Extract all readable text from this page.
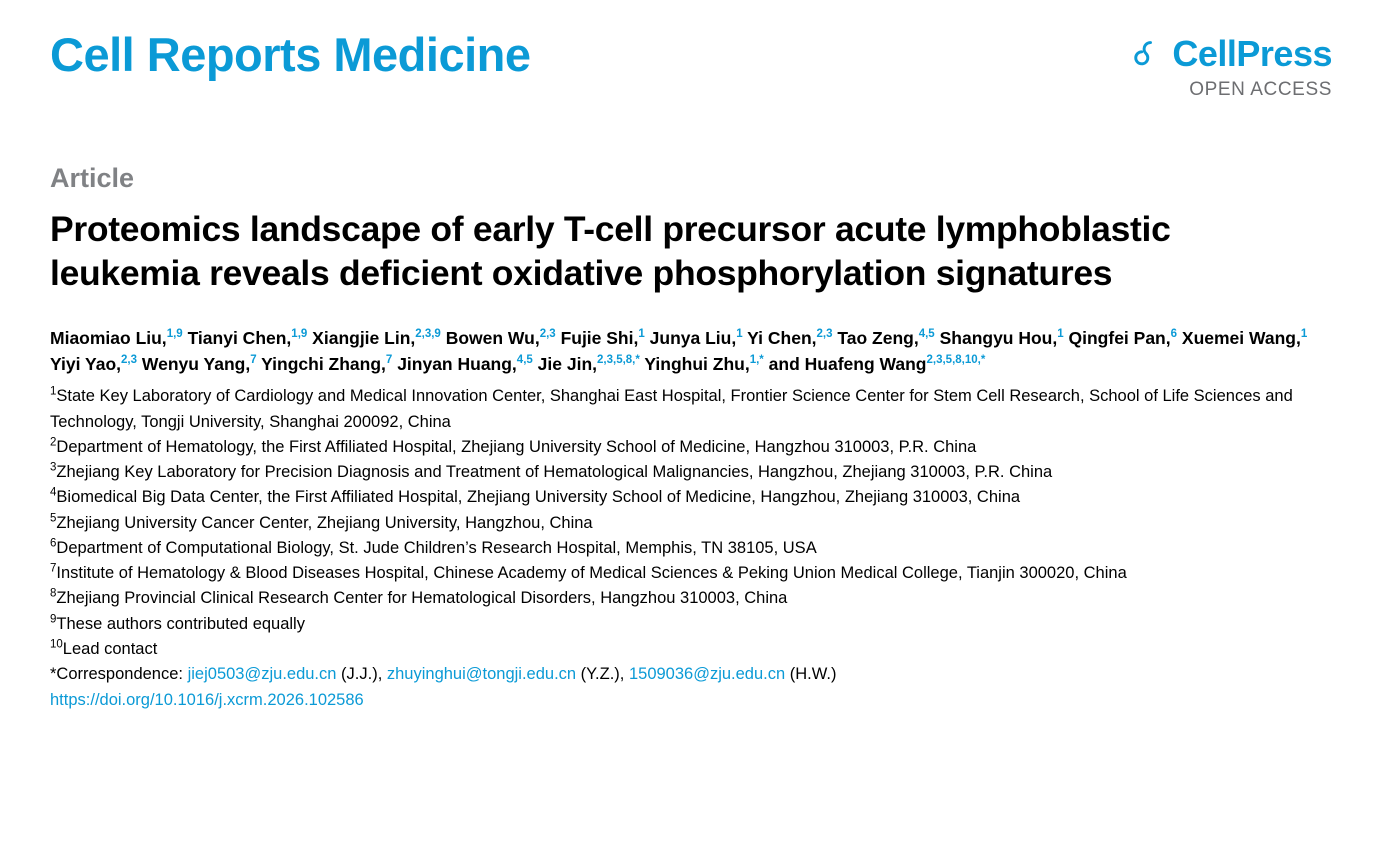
Cell Reports Medicine	CellPress
OPEN ACCESS
Article
Proteomics landscape of early T-cell precursor acute lymphoblastic leukemia reveals deficient oxidative phosphorylation signatures
Miaomiao Liu,$^{1,9}$ Tianyi Chen,$^{1,9}$ Xiangjie Lin,$^{2,3,9}$ Bowen Wu,$^{2,3}$ Fujie Shi,$^1$ Junya Liu,$^1$ Yi Chen,$^{2,3}$ Tao Zeng,$^{4,5}$ Shangyu Hou,$^1$ Qingfei Pan,$^6$ Xuemei Wang,$^1$ Yiyi Yao,$^{2,3}$ Wenyu Yang,$^7$ Yingchi Zhang,$^7$ Jinyan Huang,$^{4,5}$ Jie Jin,$^{2,3,5,8,*}$ Yinghui Zhu,$^{1,*}$ and Huafeng Wang$^{2,3,5,8,10,*}$
$^1$State Key Laboratory of Cardiology and Medical Innovation Center, Shanghai East Hospital, Frontier Science Center for Stem Cell Research, School of Life Sciences and Technology, Tongji University, Shanghai 200092, China
$^2$Department of Hematology, the First Affiliated Hospital, Zhejiang University School of Medicine, Hangzhou 310003, P.R. China
$^3$Zhejiang Key Laboratory for Precision Diagnosis and Treatment of Hematological Malignancies, Hangzhou, Zhejiang 310003, P.R. China
$^4$Biomedical Big Data Center, the First Affiliated Hospital, Zhejiang University School of Medicine, Hangzhou, Zhejiang 310003, China
$^5$Zhejiang University Cancer Center, Zhejiang University, Hangzhou, China
$^6$Department of Computational Biology, St. Jude Children’s Research Hospital, Memphis, TN 38105, USA
$^7$Institute of Hematology & Blood Diseases Hospital, Chinese Academy of Medical Sciences & Peking Union Medical College, Tianjin 300020, China
$^8$Zhejiang Provincial Clinical Research Center for Hematological Disorders, Hangzhou 310003, China
$^9$These authors contributed equally
$^{10}$Lead contact
*Correspondence: jiej0503@zju.edu.cn (J.J.), zhuyinghui@tongji.edu.cn (Y.Z.), 1509036@zju.edu.cn (H.W.)
https://doi.org/10.1016/j.xcrm.2026.102586
